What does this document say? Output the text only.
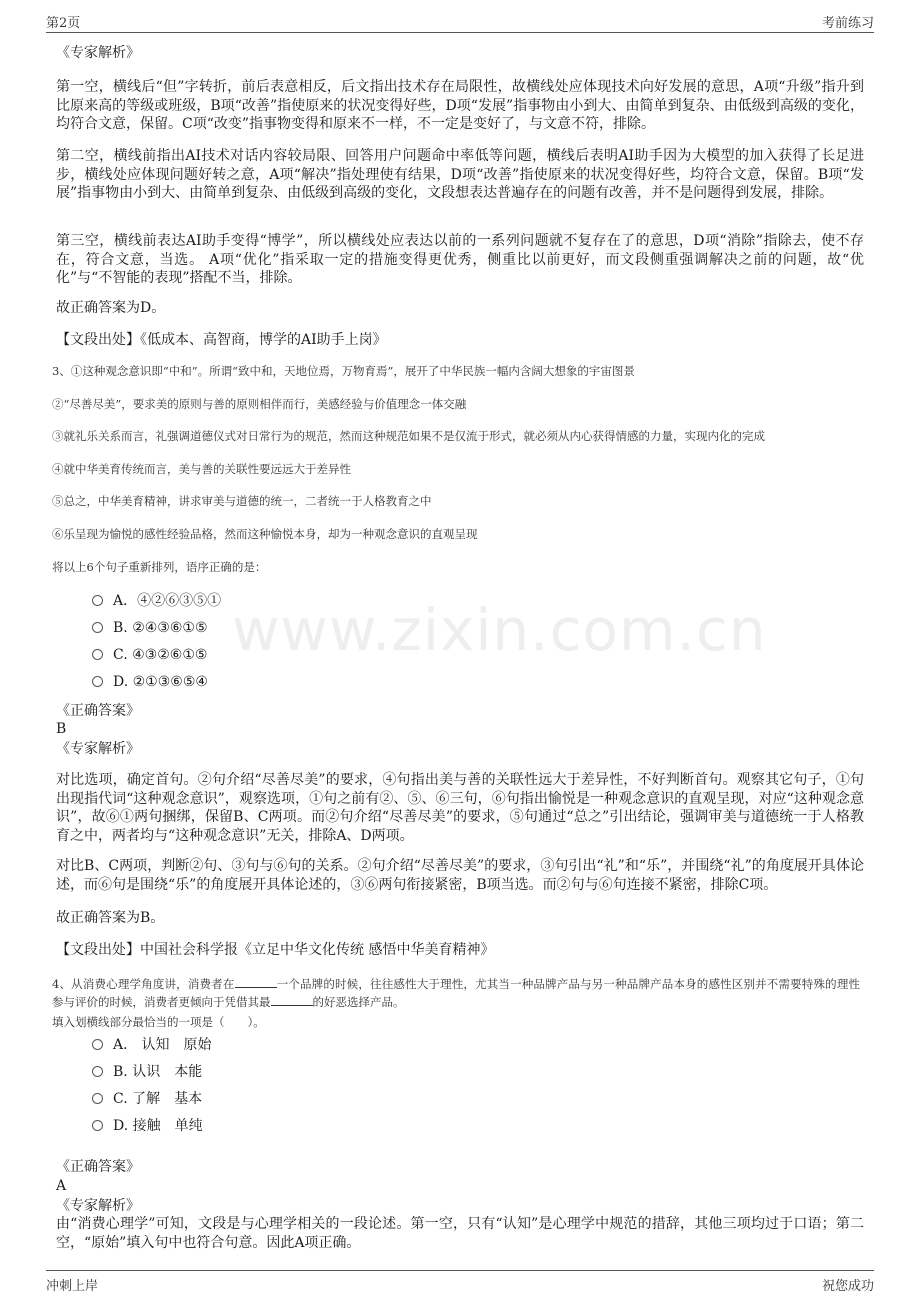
第2页	考前练习
www.zixin.com.cn

《专家解析》

第一空，横线后“但”字转折，前后表意相反，后文指出技术存在局限性，故横线处应体现技术向好发展的意思，A项“升级”指升到比原来高的等级或班级，B项“改善”指使原来的状况变得好些，D项“发展”指事物由小到大、由简单到复杂、由低级到高级的变化，均符合文意，保留。C项“改变”指事物变得和原来不一样，不一定是变好了，与文意不符，排除。

第二空，横线前指出AI技术对话内容较局限、回答用户问题命中率低等问题，横线后表明AI助手因为大模型的加入获得了长足进步，横线处应体现问题好转之意，A项“解决”指处理使有结果，D项“改善”指使原来的状况变得好些，均符合文意，保留。B项“发展”指事物由小到大、由简单到复杂、由低级到高级的变化，文段想表达普遍存在的问题有改善，并不是问题得到发展，排除。

第三空，横线前表达AI助手变得“博学”，所以横线处应表达以前的一系列问题就不复存在了的意思，D项“消除”指除去，使不存在，符合文意，当选。 A项“优化”指采取一定的措施变得更优秀，侧重比以前更好，而文段侧重强调解决之前的问题，故“优化”与“不智能的表现”搭配不当，排除。

故正确答案为D。

【文段出处】《低成本、高智商，博学的AI助手上岗》

3、①这种观念意识即“中和”。所谓“致中和，天地位焉，万物育焉”，展开了中华民族一幅内含阔大想象的宇宙图景

②“尽善尽美”，要求美的原则与善的原则相伴而行，美感经验与价值理念一体交融

③就礼乐关系而言，礼强调道德仪式对日常行为的规范，然而这种规范如果不是仅流于形式，就必须从内心获得情感的力量，实现内化的完成

④就中华美育传统而言，美与善的关联性要远远大于差异性

⑤总之，中华美育精神，讲求审美与道德的统一，二者统一于人格教育之中

⑥乐呈现为愉悦的感性经验品格，然而这种愉悦本身，却为一种观念意识的直观呈现

将以上6个句子重新排列，语序正确的是：

A．④②⑥③⑤①
B. ②④③⑥①⑤
C. ④③②⑥①⑤
D. ②①③⑥⑤④

《正确答案》

B

《专家解析》

对比选项，确定首句。②句介绍“尽善尽美”的要求，④句指出美与善的关联性远大于差异性，不好判断首句。观察其它句子，①句出现指代词“这种观念意识”，观察选项，①句之前有②、⑤、⑥三句，⑥句指出愉悦是一种观念意识的直观呈现，对应“这种观念意识”，故⑥①两句捆绑，保留B、C两项。而②句介绍“尽善尽美”的要求，⑤句通过“总之”引出结论，强调审美与道德统一于人格教育之中，两者均与“这种观念意识”无关，排除A、D两项。

对比B、C两项，判断②句、③句与⑥句的关系。②句介绍“尽善尽美”的要求，③句引出“礼”和“乐”，并围绕“礼”的角度展开具体论述，而⑥句是围绕“乐”的角度展开具体论述的，③⑥两句衔接紧密，B项当选。而②句与⑥句连接不紧密，排除C项。

故正确答案为B。

【文段出处】中国社会科学报《立足中华文化传统 感悟中华美育精神》

4、从消费心理学角度讲，消费者在	一个品牌的时候，往往感性大于理性，尤其当一种品牌产品与另一种品牌产品本身的感性区别并不需要特殊的理性参与评价的时候，消费者更倾向于凭借其最	的好恶选择产品。

填入划横线部分最恰当的一项是（　　）。

A． 认知　原始
B. 认识　本能
C. 了解　基本
D. 接触　单纯

《正确答案》

A

《专家解析》

由“消费心理学”可知，文段是与心理学相关的一段论述。第一空，只有“认知”是心理学中规范的措辞，其他三项均过于口语；第二空，“原始”填入句中也符合句意。因此A项正确。

冲刺上岸	祝您成功
